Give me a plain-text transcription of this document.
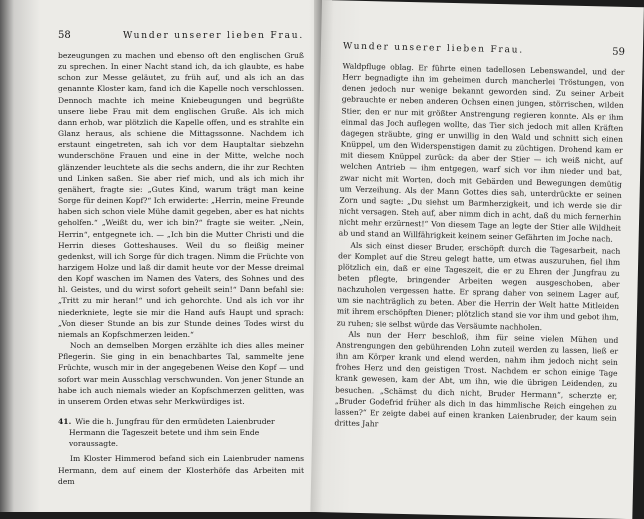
58	Wunder unserer lieben Frau.

bezeugungen zu machen und ebenso oft den englischen Gruß zu sprechen. In einer Nacht stand ich, da ich glaubte, es habe schon zur Messe geläutet, zu früh auf, und als ich an das genannte Kloster kam, fand ich die Kapelle noch verschlossen. Dennoch machte ich meine Kniebeugungen und begrüßte unsere liebe Frau mit dem englischen Gruße. Als ich mich dann erhob, war plötzlich die Kapelle offen, und es strahlte ein Glanz heraus, als schiene die Mittagssonne. Nachdem ich erstaunt eingetreten, sah ich vor dem Hauptaltar siebzehn wunderschöne Frauen und eine in der Mitte, welche noch glänzender leuchtete als die sechs andern, die ihr zur Rechten und Linken saßen. Sie aber rief mich, und als ich mich ihr genähert, fragte sie: „Gutes Kind, warum trägt man keine Sorge für deinen Kopf?“ Ich erwiderte: „Herrin, meine Freunde haben sich schon viele Mühe damit gegeben, aber es hat nichts geholfen.“ „Weißt du, wer ich bin?“ fragte sie weiter. „Nein, Herrin“, entgegnete ich. — „Ich bin die Mutter Christi und die Herrin dieses Gotteshauses. Weil du so fleißig meiner gedenkst, will ich Sorge für dich tragen. Nimm die Früchte von harzigem Holze und laß dir damit heute vor der Messe dreimal den Kopf waschen im Namen des Vaters, des Sohnes und des hl. Geistes, und du wirst sofort geheilt sein!“ Dann befahl sie: „Tritt zu mir heran!“ und ich gehorchte. Und als ich vor ihr niederkniete, legte sie mir die Hand aufs Haupt und sprach: „Von dieser Stunde an bis zur Stunde deines Todes wirst du niemals an Kopfschmerzen leiden.“

Noch an demselben Morgen erzählte ich dies alles meiner Pflegerin. Sie ging in ein benachbartes Tal, sammelte jene Früchte, wusch mir in der angegebenen Weise den Kopf — und sofort war mein Ausschlag verschwunden. Von jener Stunde an habe ich auch niemals wieder an Kopfschmerzen gelitten, was in unserem Orden etwas sehr Merkwürdiges ist.

41. Wie die h. Jungfrau für den ermüdeten Laienbruder Hermann die Tageszeit betete und ihm sein Ende voraussagte.

Im Kloster Himmerod befand sich ein Laienbruder namens Hermann, dem auf einem der Klosterhöfe das Arbeiten mit dem

Wunder unserer lieben Frau.	59

Waldpfluge oblag. Er führte einen tadellosen Lebenswandel, und der Herr begnadigte ihn im geheimen durch mancherlei Tröstungen, von denen jedoch nur wenige bekannt geworden sind. Zu seiner Arbeit gebrauchte er neben anderen Ochsen einen jungen, störrischen, wilden Stier, den er nur mit größter Anstrengung regieren konnte. Als er ihm einmal das Joch auflegen wollte, das Tier sich jedoch mit allen Kräften dagegen sträubte, ging er unwillig in den Wald und schnitt sich einen Knüppel, um den Widerspenstigen damit zu züchtigen. Drohend kam er mit diesem Knüppel zurück: da aber der Stier — ich weiß nicht, auf welchen Antrieb — ihm entgegen, warf sich vor ihm nieder und bat, zwar nicht mit Worten, doch mit Gebärden und Bewegungen demütig um Verzeihung. Als der Mann Gottes dies sah, unterdrückte er seinen Zorn und sagte: „Du siehst um Barmherzigkeit, und ich werde sie dir nicht versagen. Steh auf, aber nimm dich in acht, daß du mich fernerhin nicht mehr erzürnest!“ Von diesem Tage an legte der Stier alle Wildheit ab und stand an Willfährigkeit keinem seiner Gefährten im Joche nach.

Als sich einst dieser Bruder, erschöpft durch die Tagesarbeit, nach der Komplet auf die Streu gelegt hatte, um etwas auszuruhen, fiel ihm plötzlich ein, daß er eine Tageszeit, die er zu Ehren der Jungfrau zu beten pflegte, bringender Arbeiten wegen ausgeschoben, aber nachzuholen vergessen hatte. Er sprang daher von seinem Lager auf, um sie nachträglich zu beten. Aber die Herrin der Welt hatte Mitleiden mit ihrem erschöpften Diener; plötzlich stand sie vor ihm und gebot ihm, zu ruhen; sie selbst würde das Versäumte nachholen.

Als nun der Herr beschloß, ihm für seine vielen Mühen und Anstrengungen den gebührenden Lohn zuteil werden zu lassen, ließ er ihn am Körper krank und elend werden, nahm ihm jedoch nicht sein frohes Herz und den geistigen Trost. Nachdem er schon einige Tage krank gewesen, kam der Abt, um ihn, wie die übrigen Leidenden, zu besuchen. „Schämst du dich nicht, Bruder Hermann“, scherzte er, „Bruder Godefrid früher als dich in das himmlische Reich eingehen zu lassen?“ Er zeigte dabei auf einen kranken Laienbruder, der kaum sein drittes Jahr
